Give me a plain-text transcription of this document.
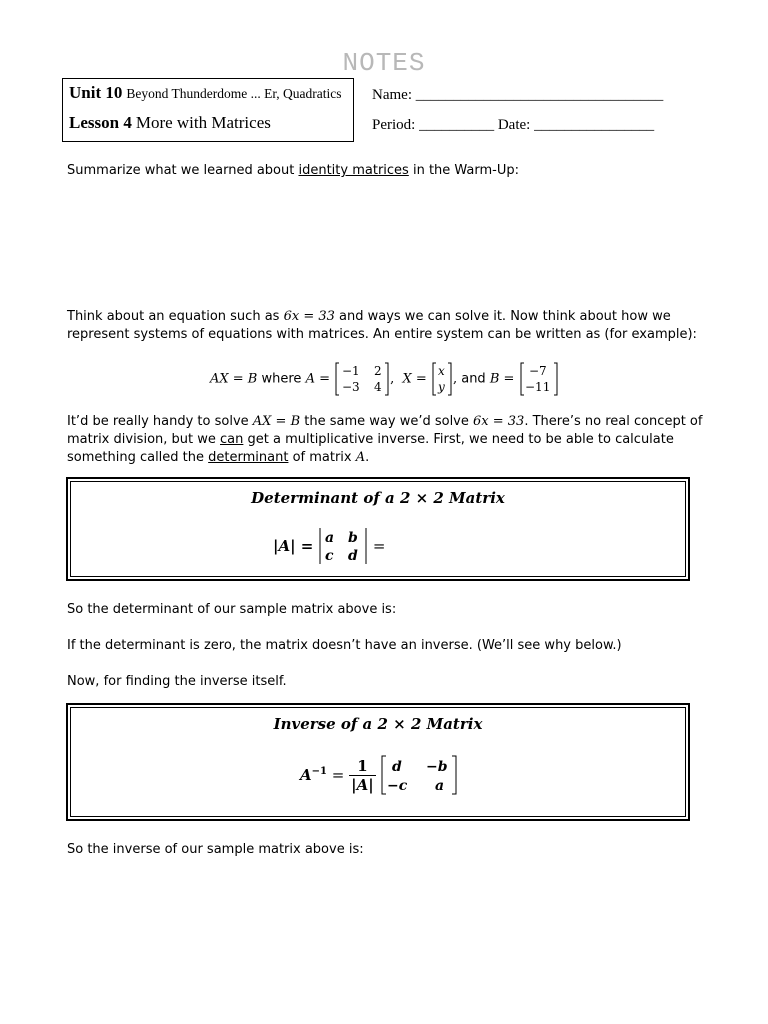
NOTES
Unit 10 Beyond Thunderdome ... Er, Quadratics
Lesson 4 More with Matrices
Name: _________________________________
Period: __________ Date: ________________
Summarize what we learned about identity matrices in the Warm-Up:
Think about an equation such as 6x = 33 and ways we can solve it. Now think about how we
represent systems of equations with matrices. An entire system can be written as (for example):
AX = B where A =
−1 2
−3 4
, X =
x
y
, and B =
−7
−11
It’d be really handy to solve AX = B the same way we’d solve 6x = 33. There’s no real concept of
matrix division, but we can get a multiplicative inverse. First, we need to be able to calculate
something called the determinant of matrix A.
Determinant of a 2 × 2 Matrix
|A| = a b
c d
=
So the determinant of our sample matrix above is:
If the determinant is zero, the matrix doesn’t have an inverse. (We’ll see why below.)
Now, for finding the inverse itself.
Inverse of a 2 × 2 Matrix
$A^{-1} = \frac{1}{|A|}$
d −b
−c a
So the inverse of our sample matrix above is:
